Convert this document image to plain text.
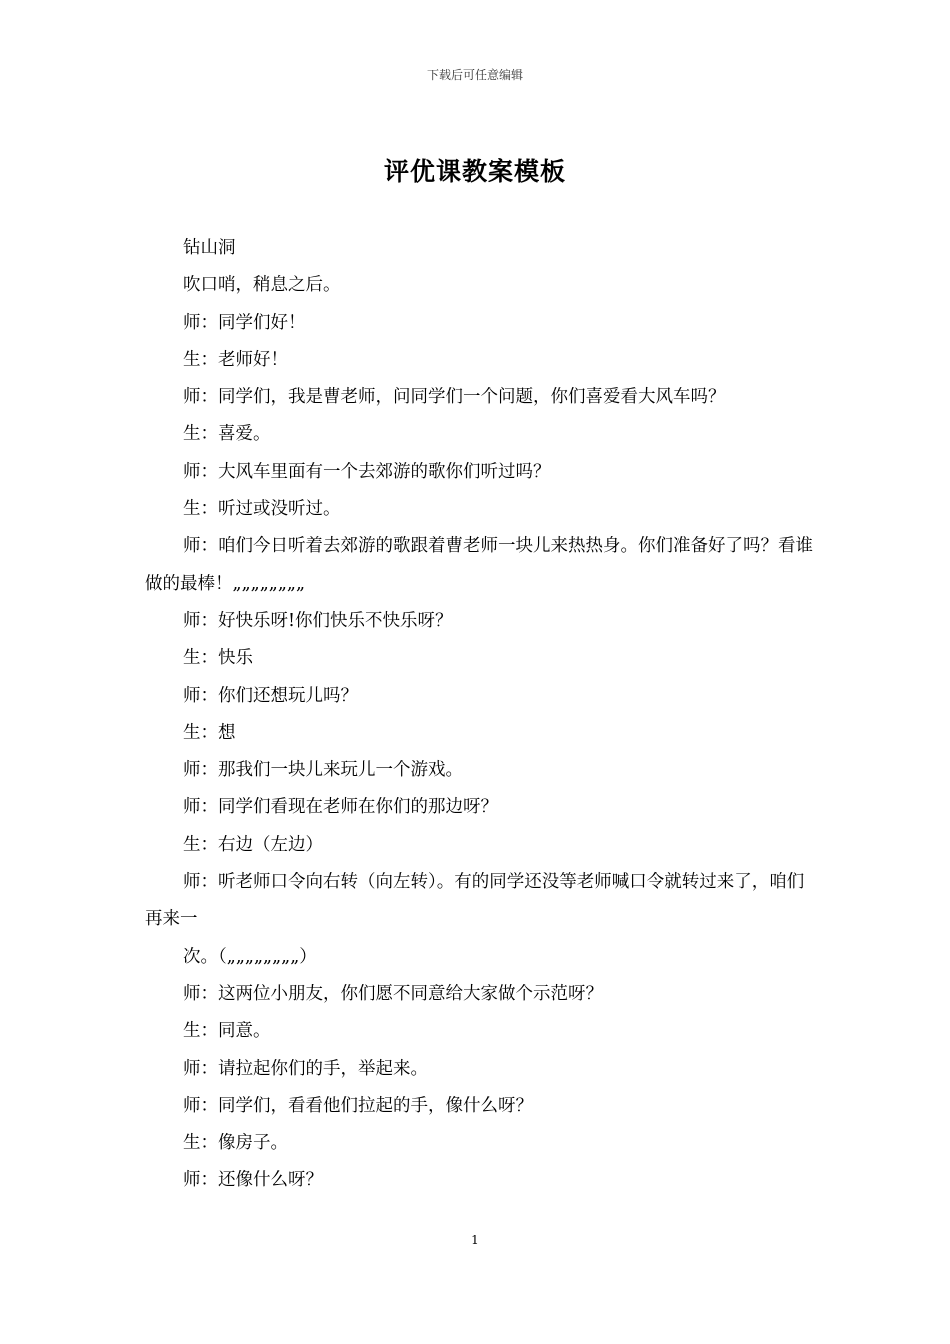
下载后可任意编辑
评优课教案模板

钻山洞

吹口哨，稍息之后。

师：同学们好！

生：老师好！

师：同学们，我是曹老师，问同学们一个问题，你们喜爱看大风车吗？

生：喜爱。

师：大风车里面有一个去郊游的歌你们听过吗？

生：听过或没听过。

师：咱们今日听着去郊游的歌跟着曹老师一块儿来热热身。你们准备好了吗？看谁做的最棒！„„„„„„„„

师：好快乐呀!你们快乐不快乐呀？

生：快乐

师：你们还想玩儿吗？

生：想

师：那我们一块儿来玩儿一个游戏。

师：同学们看现在老师在你们的那边呀？

生：右边（左边）

师：听老师口令向右转（向左转）。有的同学还没等老师喊口令就转过来了，咱们再来一

次。（„„„„„„„„）

师：这两位小朋友，你们愿不同意给大家做个示范呀？

生：同意。

师：请拉起你们的手，举起来。

师：同学们，看看他们拉起的手，像什么呀？

生：像房子。

师：还像什么呀？

1
